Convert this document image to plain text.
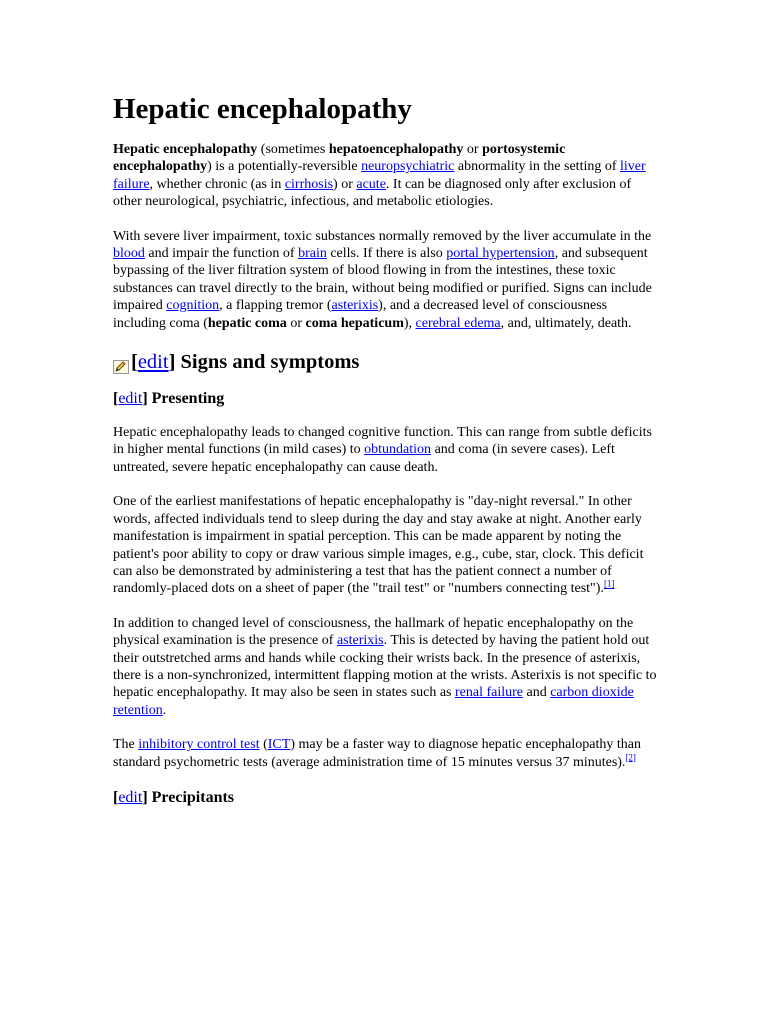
Hepatic encephalopathy

Hepatic encephalopathy (sometimes hepatoencephalopathy or portosystemic encephalopathy) is a potentially-reversible neuropsychiatric abnormality in the setting of liver failure, whether chronic (as in cirrhosis) or acute. It can be diagnosed only after exclusion of other neurological, psychiatric, infectious, and metabolic etiologies.

With severe liver impairment, toxic substances normally removed by the liver accumulate in the blood and impair the function of brain cells. If there is also portal hypertension, and subsequent bypassing of the liver filtration system of blood flowing in from the intestines, these toxic substances can travel directly to the brain, without being modified or purified. Signs can include impaired cognition, a flapping tremor (asterixis), and a decreased level of consciousness including coma (hepatic coma or coma hepaticum), cerebral edema, and, ultimately, death.

[ edit ] Signs and symptoms
[edit] Presenting

Hepatic encephalopathy leads to changed cognitive function. This can range from subtle deficits in higher mental functions (in mild cases) to obtundation and coma (in severe cases). Left untreated, severe hepatic encephalopathy can cause death.

One of the earliest manifestations of hepatic encephalopathy is "day-night reversal." In other words, affected individuals tend to sleep during the day and stay awake at night. Another early manifestation is impairment in spatial perception. This can be made apparent by noting the patient's poor ability to copy or draw various simple images, e.g., cube, star, clock. This deficit can also be demonstrated by administering a test that has the patient connect a number of randomly-placed dots on a sheet of paper (the "trail test" or "numbers connecting test").[1]

In addition to changed level of consciousness, the hallmark of hepatic encephalopathy on the physical examination is the presence of asterixis. This is detected by having the patient hold out their outstretched arms and hands while cocking their wrists back. In the presence of asterixis, there is a non-synchronized, intermittent flapping motion at the wrists. Asterixis is not specific to hepatic encephalopathy. It may also be seen in states such as renal failure and carbon dioxide retention.

The inhibitory control test (ICT) may be a faster way to diagnose hepatic encephalopathy than standard psychometric tests (average administration time of 15 minutes versus 37 minutes).[2]

[edit] Precipitants
